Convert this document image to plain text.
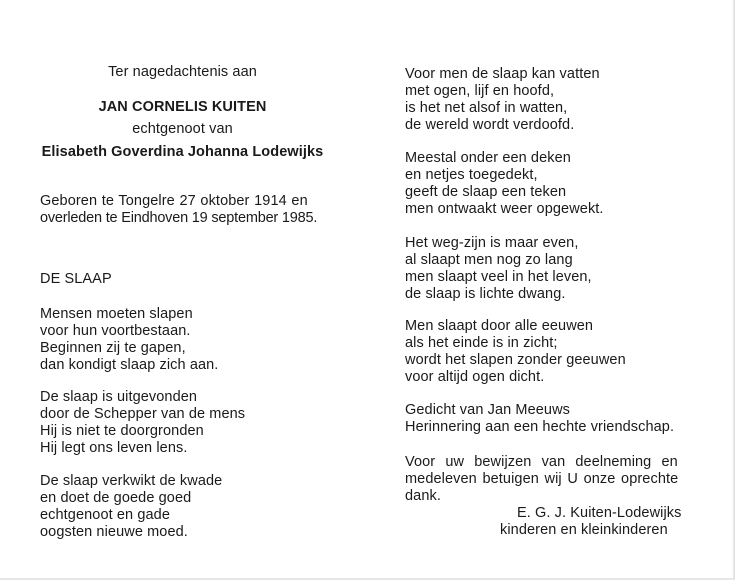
Ter nagedachtenis aan
JAN CORNELIS KUITEN
echtgenoot van
Elisabeth Goverdina Johanna Lodewijks
Geboren te Tongelre 27 oktober 1914 en
overleden te Eindhoven 19 september 1985.
DE SLAAP
Mensen moeten slapen
voor hun voortbestaan.
Beginnen zij te gapen,
dan kondigt slaap zich aan.
De slaap is uitgevonden
door de Schepper van de mens
Hij is niet te doorgronden
Hij legt ons leven lens.
De slaap verkwikt de kwade
en doet de goede goed
echtgenoot en gade
oogsten nieuwe moed.
Voor men de slaap kan vatten
met ogen, lijf en hoofd,
is het net alsof in watten,
de wereld wordt verdoofd.
Meestal onder een deken
en netjes toegedekt,
geeft de slaap een teken
men ontwaakt weer opgewekt.
Het weg-zijn is maar even,
al slaapt men nog zo lang
men slaapt veel in het leven,
de slaap is lichte dwang.
Men slaapt door alle eeuwen
als het einde is in zicht;
wordt het slapen zonder geeuwen
voor altijd ogen dicht.
Gedicht van Jan Meeuws
Herinnering aan een hechte vriendschap.
Voor uw bewijzen van deelneming en
medeleven betuigen wij U onze oprechte
dank.
E. G. J. Kuiten-Lodewijks
kinderen en kleinkinderen
